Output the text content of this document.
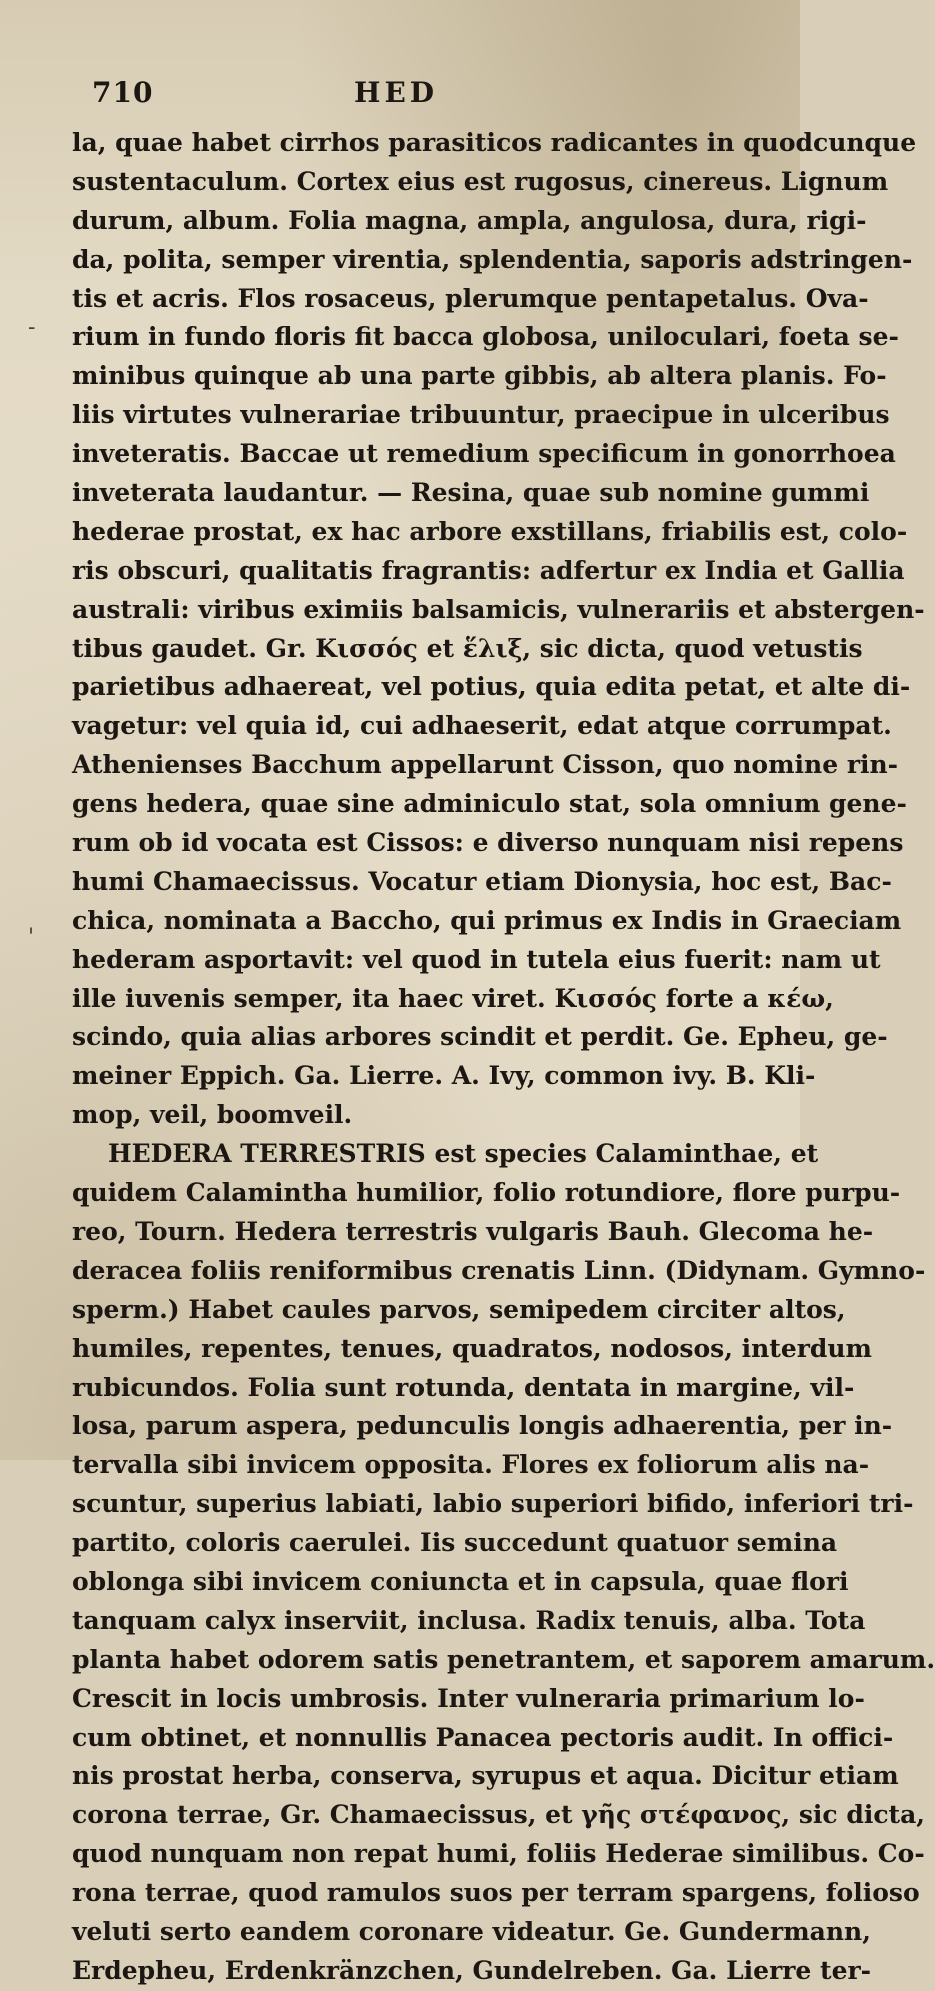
710	HED
-
'
la, quae habet cirrhos parasiticos radicantes in quodcunque
sustentaculum. Cortex eius est rugosus, cinereus. Lignum
durum, album. Folia magna, ampla, angulosa, dura, rigi-
da, polita, semper virentia, splendentia, saporis adstringen-
tis et acris. Flos rosaceus, plerumque pentapetalus. Ova-
rium in fundo floris fit bacca globosa, uniloculari, foeta se-
minibus quinque ab una parte gibbis, ab altera planis. Fo-
liis virtutes vulnerariae tribuuntur, praecipue in ulceribus
inveteratis. Baccae ut remedium specificum in gonorrhoea
inveterata laudantur. — Resina, quae sub nomine gummi
hederae prostat, ex hac arbore exstillans, friabilis est, colo-
ris obscuri, qualitatis fragrantis: adfertur ex India et Gallia
australi: viribus eximiis balsamicis, vulnerariis et abstergen-
tibus gaudet. Gr. Κισσός et ἕλιξ, sic dicta, quod vetustis
parietibus adhaereat, vel potius, quia edita petat, et alte di-
vagetur: vel quia id, cui adhaeserit, edat atque corrumpat.
Athenienses Bacchum appellarunt Cisson, quo nomine rin-
gens hedera, quae sine adminiculo stat, sola omnium gene-
rum ob id vocata est Cissos: e diverso nunquam nisi repens
humi Chamaecissus. Vocatur etiam Dionysia, hoc est, Bac-
chica, nominata a Baccho, qui primus ex Indis in Graeciam
hederam asportavit: vel quod in tutela eius fuerit: nam ut
ille iuvenis semper, ita haec viret. Κισσός forte a κέω,
scindo, quia alias arbores scindit et perdit. Ge. Epheu, ge-
meiner Eppich. Ga. Lierre. A. Ivy, common ivy. B. Kli-
mop, veil, boomveil.
HEDERA TERRESTRIS est species Calaminthae, et
quidem Calamintha humilior, folio rotundiore, flore purpu-
reo, Tourn. Hedera terrestris vulgaris Bauh. Glecoma he-
deracea foliis reniformibus crenatis Linn. (Didynam. Gymno-
sperm.) Habet caules parvos, semipedem circiter altos,
humiles, repentes, tenues, quadratos, nodosos, interdum
rubicundos. Folia sunt rotunda, dentata in margine, vil-
losa, parum aspera, pedunculis longis adhaerentia, per in-
tervalla sibi invicem opposita. Flores ex foliorum alis na-
scuntur, superius labiati, labio superiori bifido, inferiori tri-
partito, coloris caerulei. Iis succedunt quatuor semina
oblonga sibi invicem coniuncta et in capsula, quae flori
tanquam calyx inserviit, inclusa. Radix tenuis, alba. Tota
planta habet odorem satis penetrantem, et saporem amarum.
Crescit in locis umbrosis. Inter vulneraria primarium lo-
cum obtinet, et nonnullis Panacea pectoris audit. In offici-
nis prostat herba, conserva, syrupus et aqua. Dicitur etiam
corona terrae, Gr. Chamaecissus, et γῆς στέφανος, sic dicta,
quod nunquam non repat humi, foliis Hederae similibus. Co-
rona terrae, quod ramulos suos per terram spargens, folioso
veluti serto eandem coronare videatur. Ge. Gundermann,
Erdepheu, Erdenkränzchen, Gundelreben. Ga. Lierre ter-
